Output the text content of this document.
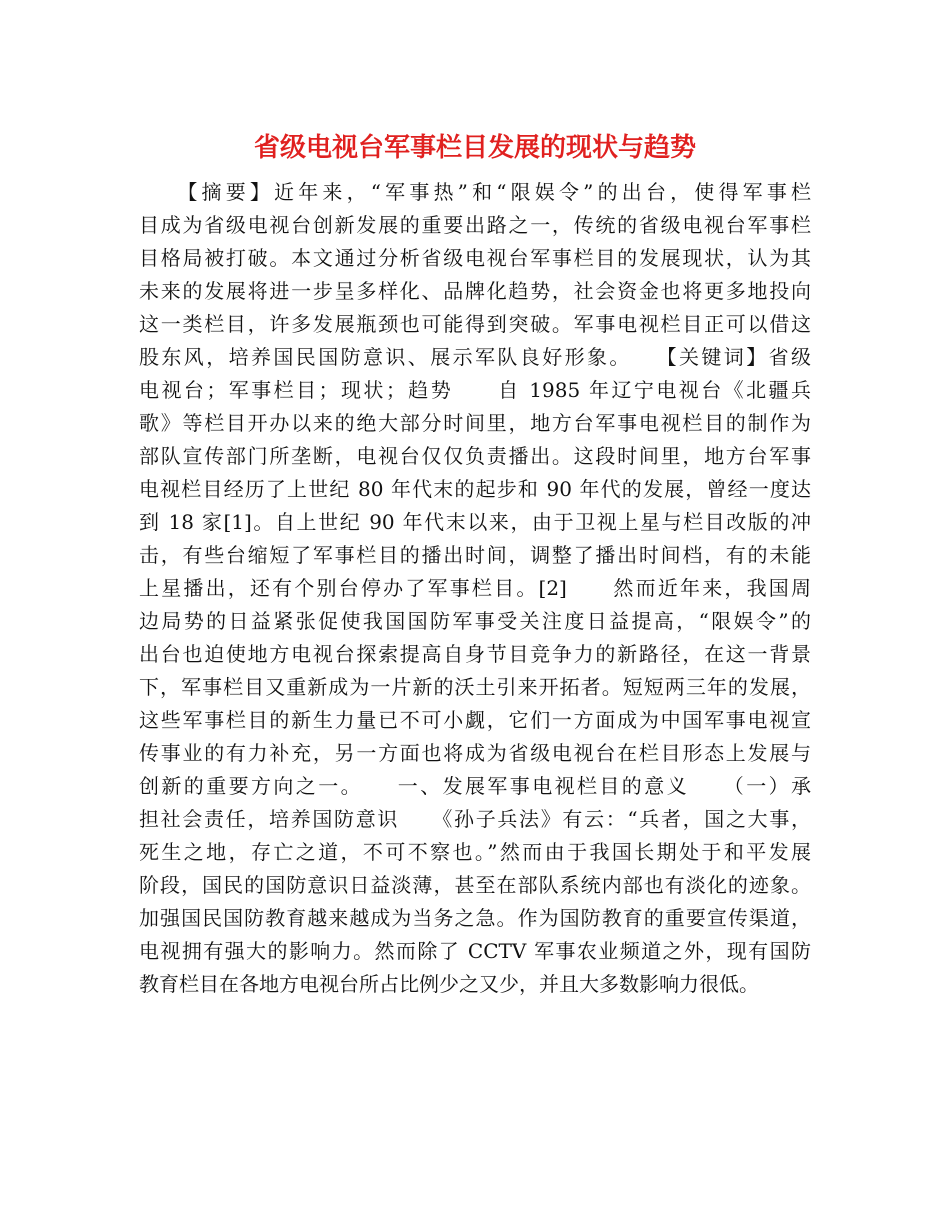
省级电视台军事栏目发展的现状与趋势
　　【摘要】近年来，“军事热”和“限娱令”的出台，使得军事栏
目成为省级电视台创新发展的重要出路之一，传统的省级电视台军事栏
目格局被打破。本文通过分析省级电视台军事栏目的发展现状，认为其
未来的发展将进一步呈多样化、品牌化趋势，社会资金也将更多地投向
这一类栏目，许多发展瓶颈也可能得到突破。军事电视栏目正可以借这
股东风，培养国民国防意识、展示军队良好形象。　　【关键词】省级
电视台；军事栏目；现状；趋势　　自 1985 年辽宁电视台《北疆兵
歌》等栏目开办以来的绝大部分时间里，地方台军事电视栏目的制作为
部队宣传部门所垄断，电视台仅仅负责播出。这段时间里，地方台军事
电视栏目经历了上世纪 80 年代末的起步和 90 年代的发展，曾经一度达
到 18 家[1]。自上世纪 90 年代末以来，由于卫视上星与栏目改版的冲
击，有些台缩短了军事栏目的播出时间，调整了播出时间档，有的未能
上星播出，还有个别台停办了军事栏目。[2]　　然而近年来，我国周
边局势的日益紧张促使我国国防军事受关注度日益提高，“限娱令”的
出台也迫使地方电视台探索提高自身节目竞争力的新路径，在这一背景
下，军事栏目又重新成为一片新的沃土引来开拓者。短短两三年的发展，
这些军事栏目的新生力量已不可小觑，它们一方面成为中国军事电视宣
传事业的有力补充，另一方面也将成为省级电视台在栏目形态上发展与
创新的重要方向之一。　　一、发展军事电视栏目的意义　　（一）承
担社会责任，培养国防意识　　《孙子兵法》有云：“兵者，国之大事，
死生之地，存亡之道，不可不察也。”然而由于我国长期处于和平发展
阶段，国民的国防意识日益淡薄，甚至在部队系统内部也有淡化的迹象。
加强国民国防教育越来越成为当务之急。作为国防教育的重要宣传渠道，
电视拥有强大的影响力。然而除了 CCTV 军事农业频道之外，现有国防
教育栏目在各地方电视台所占比例少之又少，并且大多数影响力很低。
